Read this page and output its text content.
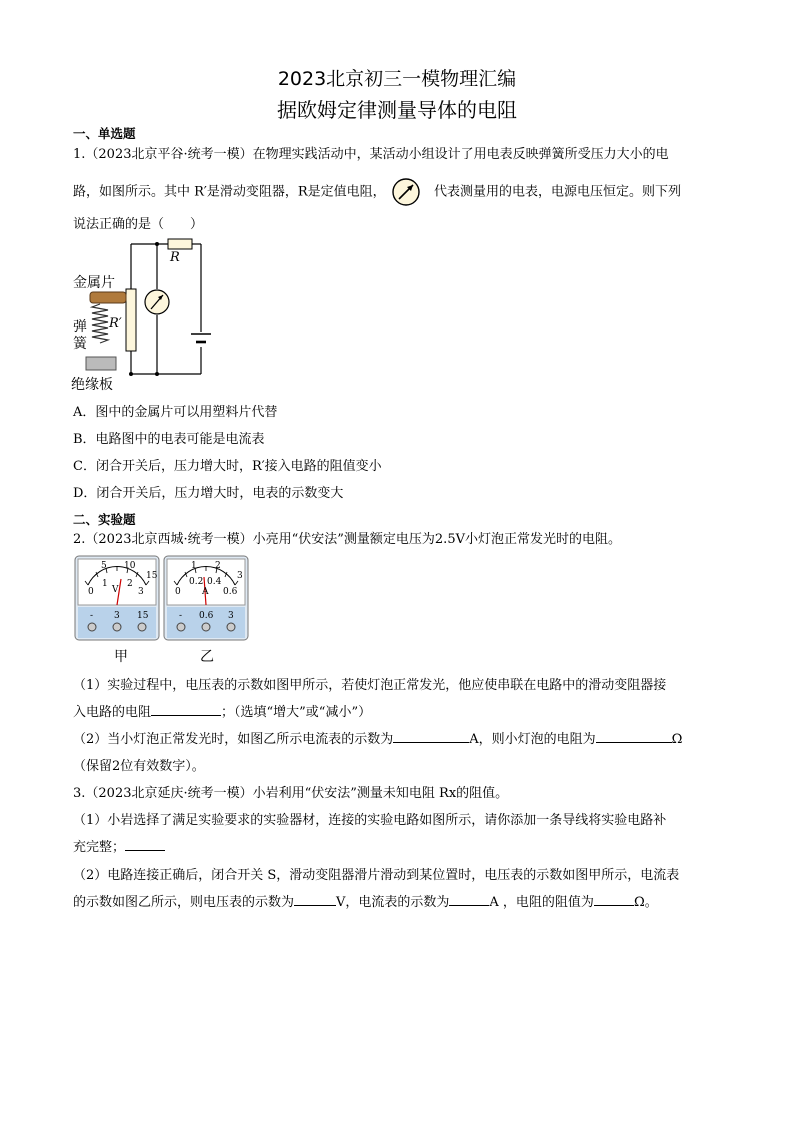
2023北京初三一模物理汇编
据欧姆定律测量导体的电阻
一、单选题
1.（2023北京平谷·统考一模）在物理实践活动中，某活动小组设计了用电表反映弹簧所受压力大小的电
路，如图所示。其中 R′是滑动变阻器，R是定值电阻，	代表测量用的电表，电源电压恒定。则下列
说法正确的是（　　）
金属片
弹
簧
绝缘板
R
R′
A．图中的金属片可以用塑料片代替
B．电路图中的电表可能是电流表
C．闭合开关后，压力增大时，R′接入电路的阻值变小
D．闭合开关后，压力增大时，电表的示数变大
二、实验题
2.（2023北京西城·统考一模）小亮用“伏安法”测量额定电压为2.5V小灯泡正常发光时的电阻。
5 10
0
1 2
3
15
V
- 3 15
1 2
0
0.2 0.4
0.6
3
A
- 0.6 3
甲	乙
（1）实验过程中，电压表的示数如图甲所示，若使灯泡正常发光，他应使串联在电路中的滑动变阻器接
入电路的电阻	；（选填“增大”或“减小”）
（2）当小灯泡正常发光时，如图乙所示电流表的示数为	A，则小灯泡的电阻为	Ω
（保留2位有效数字）。
3.（2023北京延庆·统考一模）小岩利用“伏安法”测量未知电阻 Rx的阻值。
（1）小岩选择了满足实验要求的实验器材，连接的实验电路如图所示，请你添加一条导线将实验电路补
充完整；
（2）电路连接正确后，闭合开关 S，滑动变阻器滑片滑动到某位置时，电压表的示数如图甲所示，电流表
的示数如图乙所示，则电压表的示数为	V，电流表的示数为	A ，电阻的阻值为	Ω。
